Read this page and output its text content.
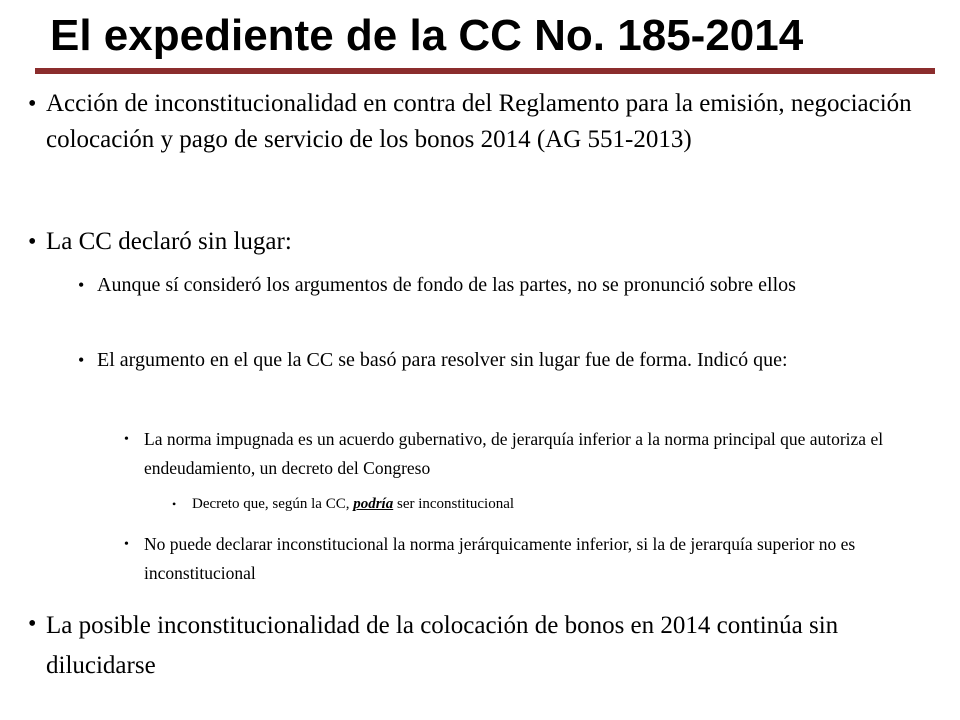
El expediente de la CC No. 185-2014
• Acción de inconstitucionalidad en contra del Reglamento para la emisión, negociación colocación y pago de servicio de los bonos 2014 (AG 551-2013)
• La CC declaró sin lugar:
• Aunque sí consideró los argumentos de fondo de las partes, no se pronunció sobre ellos
• El argumento en el que la CC se basó para resolver sin lugar fue de forma. Indicó que:
• La norma impugnada es un acuerdo gubernativo, de jerarquía inferior a la norma principal que autoriza el endeudamiento, un decreto del Congreso
• Decreto que, según la CC, podría ser inconstitucional
• No puede declarar inconstitucional la norma jerárquicamente inferior, si la de jerarquía superior no es inconstitucional
• La posible inconstitucionalidad de la colocación de bonos en 2014 continúa sin dilucidarse
